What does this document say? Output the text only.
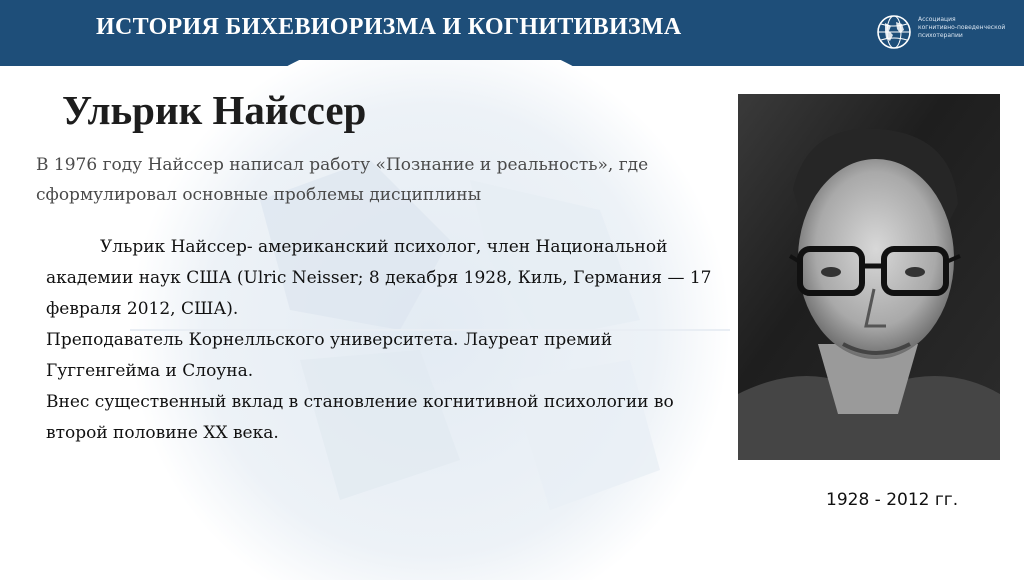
ИСТОРИЯ БИХЕВИОРИЗМА И КОГНИТИВИЗМА	Ассоциация
когнитивно-поведенческой
психотерапии
Ульрик Найссер
В 1976 году Найссер написал работу «Познание и реальность», где сформулировал основные проблемы дисциплины

Ульрик Найссер- американский психолог, член Национальной академии наук США (Ulric Neisser; 8 декабря 1928, Киль, Германия — 17 февраля 2012, США).

Преподаватель Корнелльского университета. Лауреат премий Гуггенгейма и Слоуна.

Внес существенный вклад в становление когнитивной психологии во второй половине XX века.

1928 - 2012 гг.
